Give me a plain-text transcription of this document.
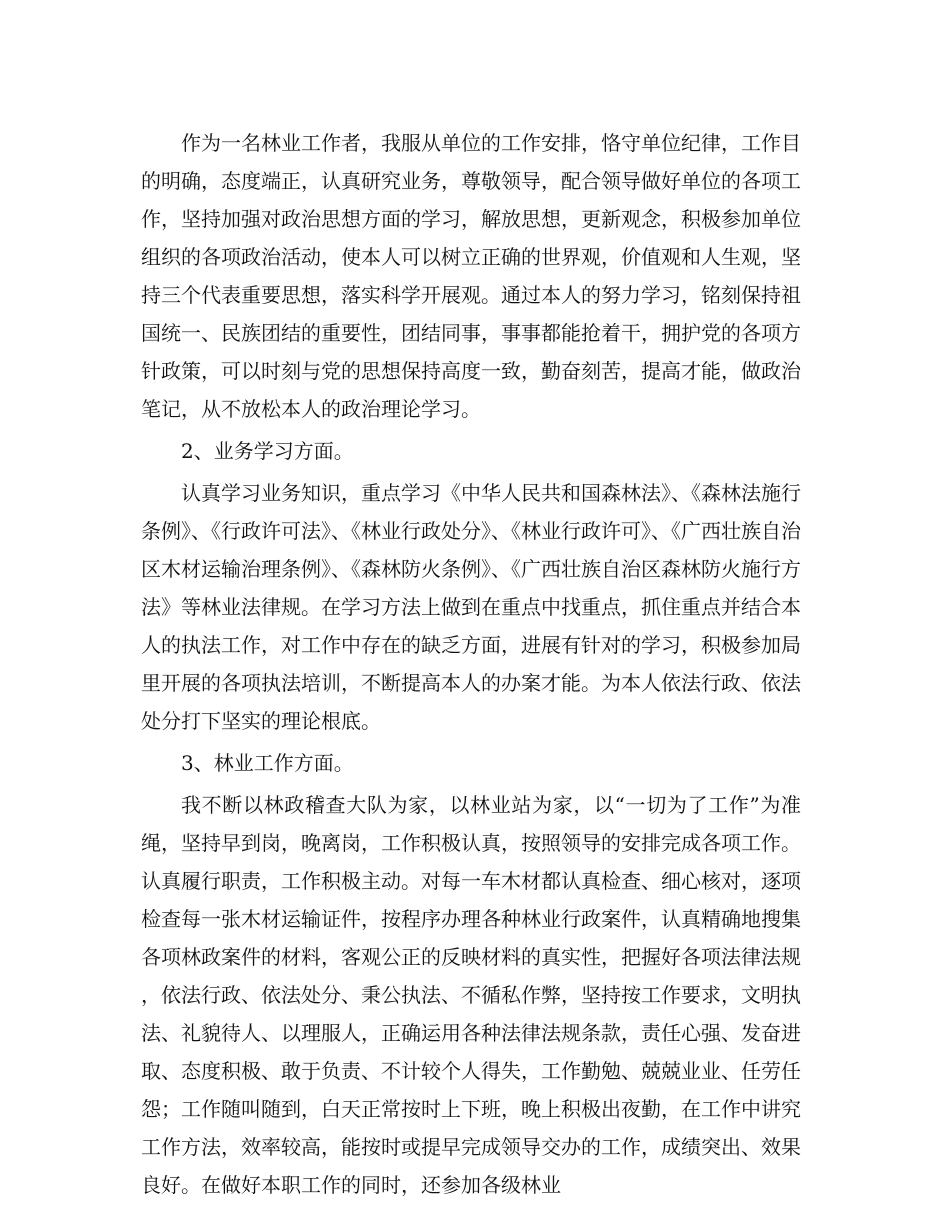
作为一名林业工作者，我服从单位的工作安排，恪守单位纪律，工作目的明确，态度端正，认真研究业务，尊敬领导，配合领导做好单位的各项工作，坚持加强对政治思想方面的学习，解放思想，更新观念，积极参加单位组织的各项政治活动，使本人可以树立正确的世界观，价值观和人生观，坚持三个代表重要思想，落实科学开展观。通过本人的努力学习，铭刻保持祖国统一、民族团结的重要性，团结同事，事事都能抢着干，拥护党的各项方针政策，可以时刻与党的思想保持高度一致，勤奋刻苦，提高才能，做政治笔记，从不放松本人的政治理论学习。

2、业务学习方面。

认真学习业务知识，重点学习《中华人民共和国森林法》、《森林法施行条例》、《行政许可法》、《林业行政处分》、《林业行政许可》、《广西壮族自治区木材运输治理条例》、《森林防火条例》、《广西壮族自治区森林防火施行方法》等林业法律规。在学习方法上做到在重点中找重点，抓住重点并结合本人的执法工作，对工作中存在的缺乏方面，进展有针对的学习，积极参加局里开展的各项执法培训，不断提高本人的办案才能。为本人依法行政、依法处分打下坚实的理论根底。

3、林业工作方面。

我不断以林政稽查大队为家，以林业站为家，以“一切为了工作”为准绳，坚持早到岗，晚离岗，工作积极认真，按照领导的安排完成各项工作。认真履行职责，工作积极主动。对每一车木材都认真检查、细心核对，逐项检查每一张木材运输证件，按程序办理各种林业行政案件，认真精确地搜集各项林政案件的材料，客观公正的反映材料的真实性，把握好各项法律法规，依法行政、依法处分、秉公执法、不循私作弊，坚持按工作要求，文明执法、礼貌待人、以理服人，正确运用各种法律法规条款，责任心强、发奋进取、态度积极、敢于负责、不计较个人得失，工作勤勉、兢兢业业、任劳任怨；工作随叫随到，白天正常按时上下班，晚上积极出夜勤，在工作中讲究工作方法，效率较高，能按时或提早完成领导交办的工作，成绩突出、效果良好。在做好本职工作的同时，还参加各级林业
